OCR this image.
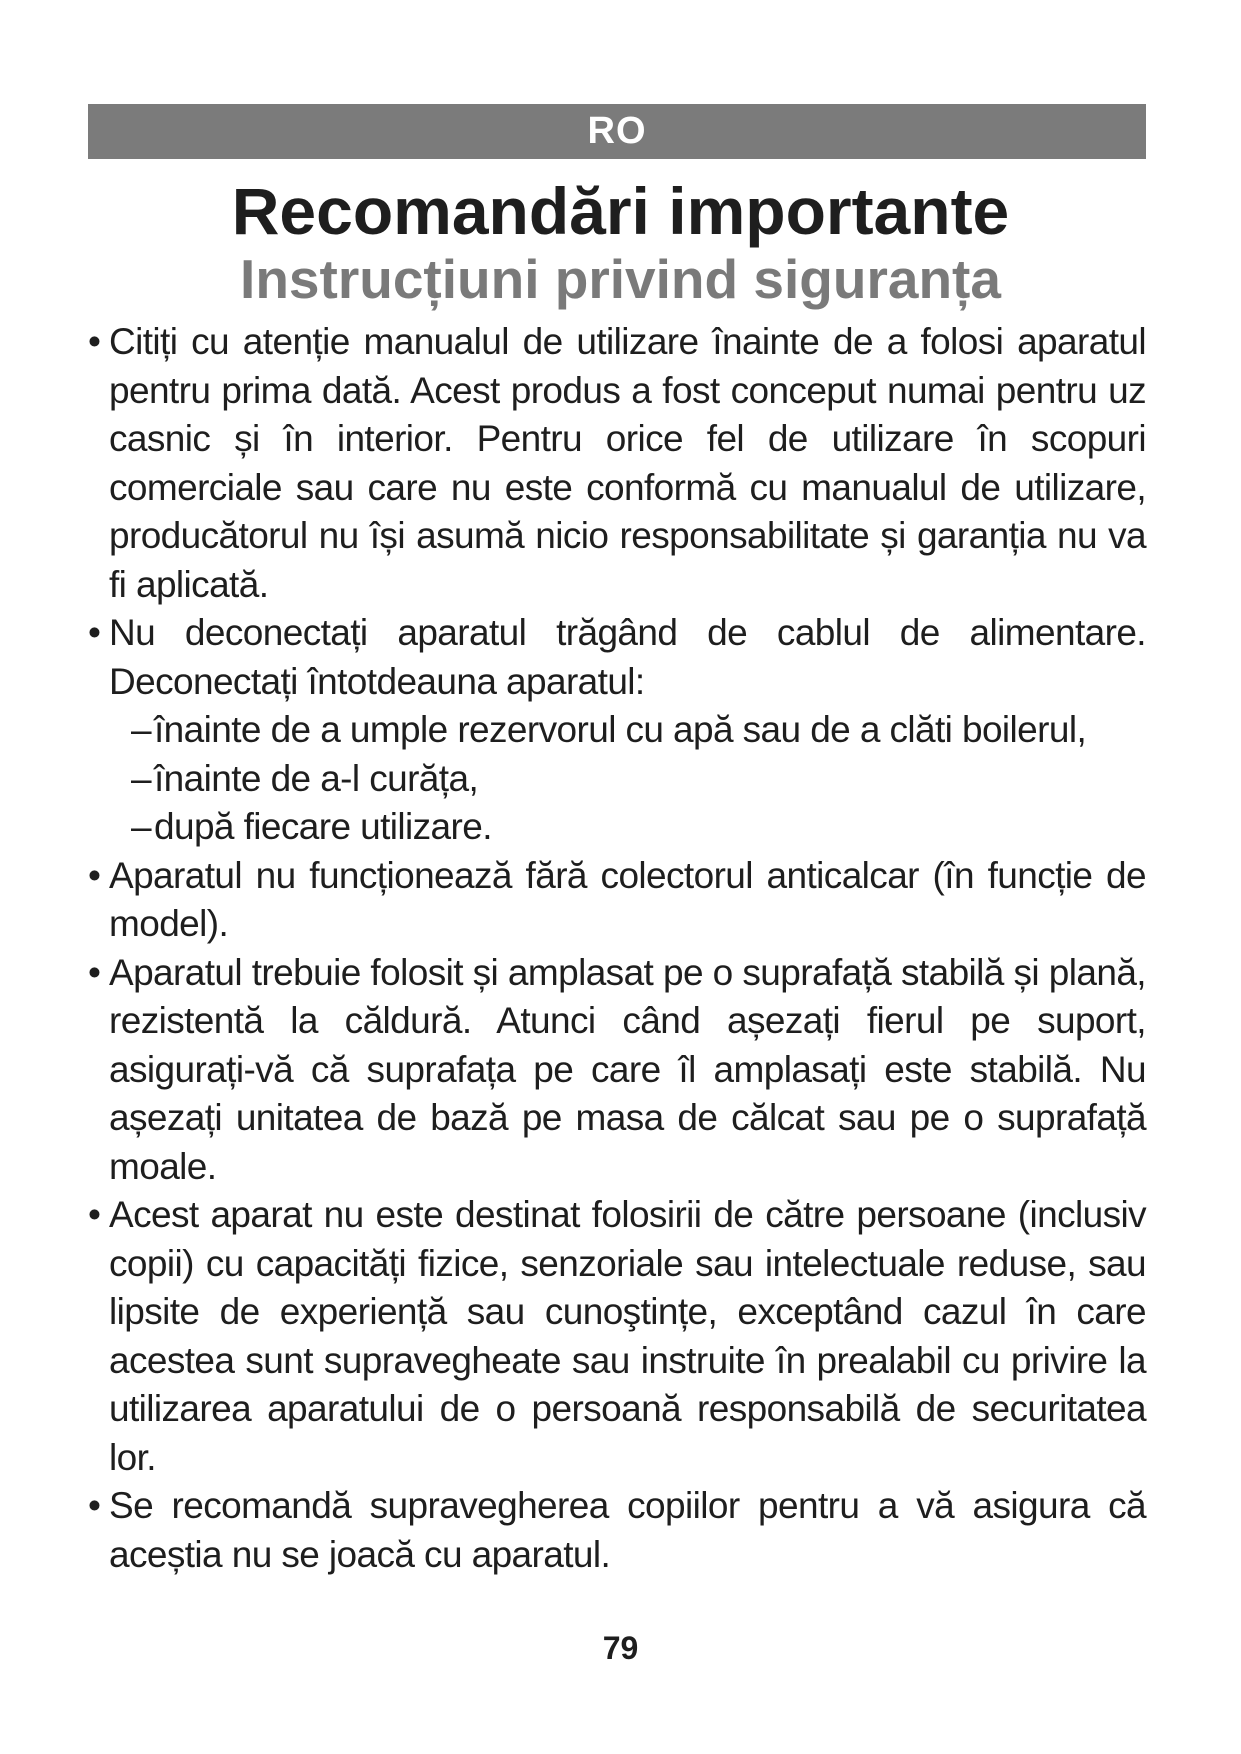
RO
Recomandări importante
Instrucțiuni privind siguranța
• Citiți cu atenție manualul de utilizare înainte de a folosi aparatul pentru prima dată. Acest produs a fost conceput numai pentru uz casnic și în interior. Pentru orice fel de utilizare în scopuri comerciale sau care nu este conformă cu manualul de utilizare, producătorul nu își asumă nicio responsabilitate și garanția nu va fi aplicată.
• Nu deconectați aparatul trăgând de cablul de alimentare. Deconectați întotdeauna aparatul:
– înainte de a umple rezervorul cu apă sau de a clăti boilerul,
– înainte de a-l curăța,
– după fiecare utilizare.
• Aparatul nu funcționează fără colectorul anticalcar (în funcție de model).
• Aparatul trebuie folosit și amplasat pe o suprafață stabilă și plană, rezistentă la căldură. Atunci când așezați fierul pe suport, asigurați-vă că suprafața pe care îl amplasați este stabilă. Nu așezați unitatea de bază pe masa de călcat sau pe o suprafață moale.
• Acest aparat nu este destinat folosirii de către persoane (inclusiv copii) cu capacități fizice, senzoriale sau intelectuale reduse, sau lipsite de experiență sau cunoştințe, exceptând cazul în care acestea sunt supravegheate sau instruite în prealabil cu privire la utilizarea aparatului de o persoană responsabilă de securitatea lor.
• Se recomandă supravegherea copiilor pentru a vă asigura că aceștia nu se joacă cu aparatul.
79
